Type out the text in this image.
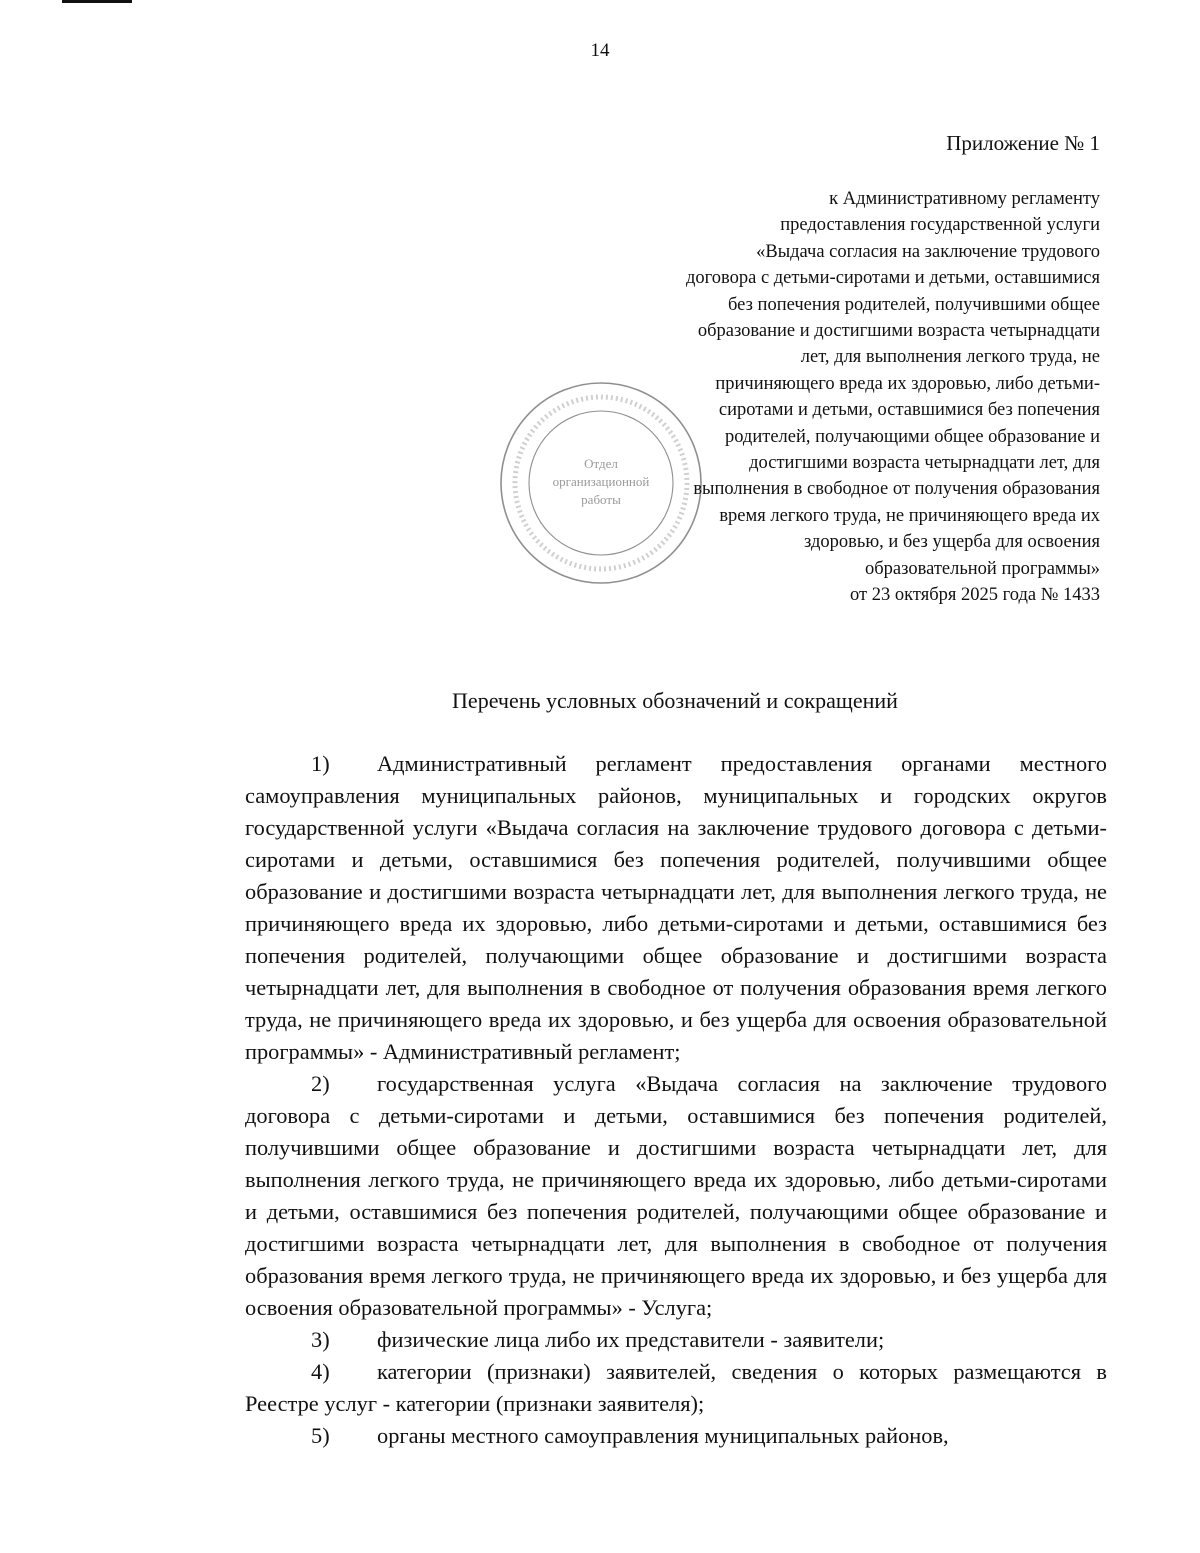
14
Приложение № 1
к Административному регламенту
предоставления государственной услуги
«Выдача согласия на заключение трудового
договора с детьми-сиротами и детьми, оставшимися
без попечения родителей, получившими общее
образование и достигшими возраста четырнадцати
лет, для выполнения легкого труда, не
причиняющего вреда их здоровью, либо детьми-
сиротами и детьми, оставшимися без попечения
родителей, получающими общее образование и
достигшими возраста четырнадцати лет, для
выполнения в свободное от получения образования
время легкого труда, не причиняющего вреда их
здоровью, и без ущерба для освоения
образовательной программы»
от 23 октября 2025 года № 1433
Отдел
организационной
работы
Перечень условных обозначений и сокращений

1) Административный регламент предоставления органами местного самоуправления муниципальных районов, муниципальных и городских округов государственной услуги «Выдача согласия на заключение трудового договора с детьми-сиротами и детьми, оставшимися без попечения родителей, получившими общее образование и достигшими возраста четырнадцати лет, для выполнения легкого труда, не причиняющего вреда их здоровью, либо детьми-сиротами и детьми, оставшимися без попечения родителей, получающими общее образование и достигшими возраста четырнадцати лет, для выполнения в свободное от получения образования время легкого труда, не причиняющего вреда их здоровью, и без ущерба для освоения образовательной программы» - Административный регламент;

2) государственная услуга «Выдача согласия на заключение трудового договора с детьми-сиротами и детьми, оставшимися без попечения родителей, получившими общее образование и достигшими возраста четырнадцати лет, для выполнения легкого труда, не причиняющего вреда их здоровью, либо детьми-сиротами и детьми, оставшимися без попечения родителей, получающими общее образование и достигшими возраста четырнадцати лет, для выполнения в свободное от получения образования время легкого труда, не причиняющего вреда их здоровью, и без ущерба для освоения образовательной программы» - Услуга;

3) физические лица либо их представители - заявители;

4) категории (признаки) заявителей, сведения о которых размещаются в Реестре услуг - категории (признаки заявителя);

5) органы местного самоуправления муниципальных районов,
